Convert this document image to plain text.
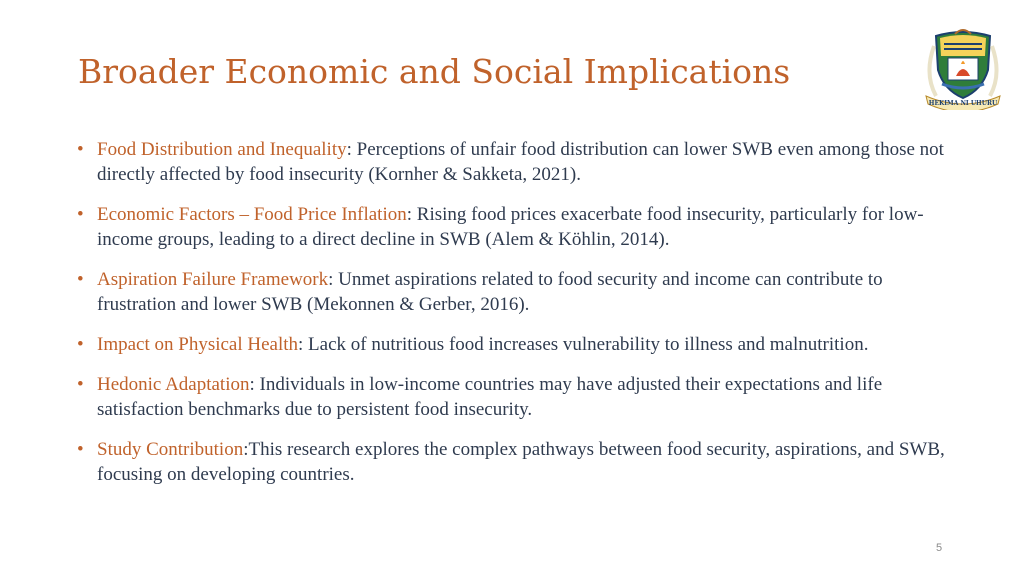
Broader Economic and Social Implications
HEKIMA NI UHURU
• Food Distribution and Inequality: Perceptions of unfair food distribution can lower SWB even among those not directly affected by food insecurity (Kornher & Sakketa, 2021).
• Economic Factors – Food Price Inflation: Rising food prices exacerbate food insecurity, particularly for low-income groups, leading to a direct decline in SWB (Alem & Köhlin, 2014).
• Aspiration Failure Framework: Unmet aspirations related to food security and income can contribute to frustration and lower SWB (Mekonnen & Gerber, 2016).
• Impact on Physical Health: Lack of nutritious food increases vulnerability to illness and malnutrition.
• Hedonic Adaptation: Individuals in low-income countries may have adjusted their expectations and life satisfaction benchmarks due to persistent food insecurity.
• Study Contribution:This research explores the complex pathways between food security, aspirations, and SWB, focusing on developing countries.
5
